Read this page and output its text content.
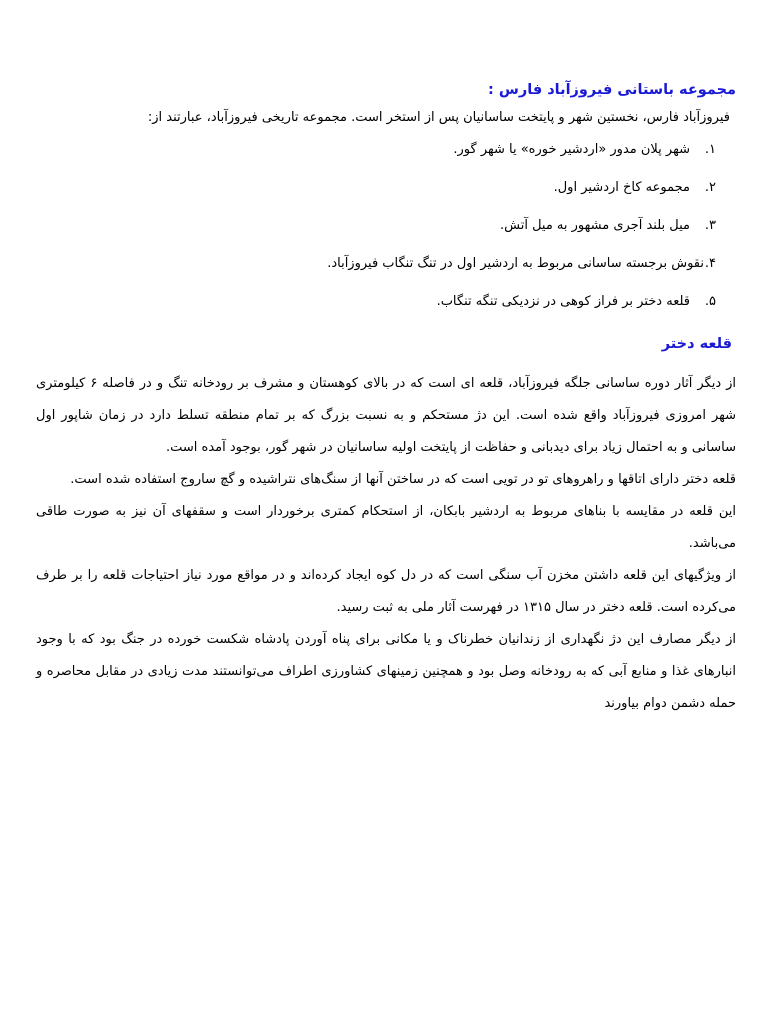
مجموعه باستانی فیروزآباد فارس :

فیروزآباد فارس، نخستین شهر و پایتخت ساسانیان پس از استخر است. مجموعه تاریخی فیروزآباد، عبارتند از:

۱.
شهر پلان مدور «اردشیر خوره» یا شهر گور.
۲.
مجموعه کاخ اردشیر اول.
۳.
میل بلند آجری مشهور به میل آتش.
۴.
نقوش برجسته ساسانی مربوط به اردشیر اول در تنگ تنگاب فیروزآباد.
۵.
قلعه دختر بر فراز کوهی در نزدیکی تنگه تنگاب.
قلعه دختر

از دیگر آثار دوره ساسانی جلگه فیروزآباد، قلعه ای است که در بالای کوهستان و مشرف بر رودخانه تنگ و در فاصله ۶ کیلومتری شهر امروزی فیروزآباد واقع شده است. این دژ مستحکم و به نسبت بزرگ که بر تمام منطقه تسلط دارد در زمان شاپور اول ساسانی و به احتمال زیاد برای دیدبانی و حفاظت از پایتخت اولیه ساسانیان در شهر گور، بوجود آمده است.

قلعه دختر دارای اتاقها و راهروهای تو در تویی است که در ساختن آنها از سنگ‌های نتراشیده و گچ ساروج استفاده شده است.

این قلعه در مقایسه با بناهای مربوط به اردشیر بابکان، از استحکام کمتری برخوردار است و سقفهای آن نیز به صورت طاقی می‌باشد.

از ویژگیهای این قلعه داشتن مخزن آب سنگی است که در دل کوه ایجاد کرده‌اند و در مواقع مورد نیاز احتیاجات قلعه را بر طرف می‌کرده است. قلعه دختر در سال ۱۳۱۵ در فهرست آثار ملی به ثبت رسید.

از دیگر مصارف این دژ نگهداری از زندانیان خطرناک و یا مکانی برای پناه آوردن پادشاه شکست خورده در جنگ بود که با وجود انبارهای غذا و منابع آبی که به رودخانه وصل بود و همچنین زمینهای کشاورزی اطراف می‌توانستند مدت زیادی در مقابل محاصره و حمله دشمن دوام بیاورند
